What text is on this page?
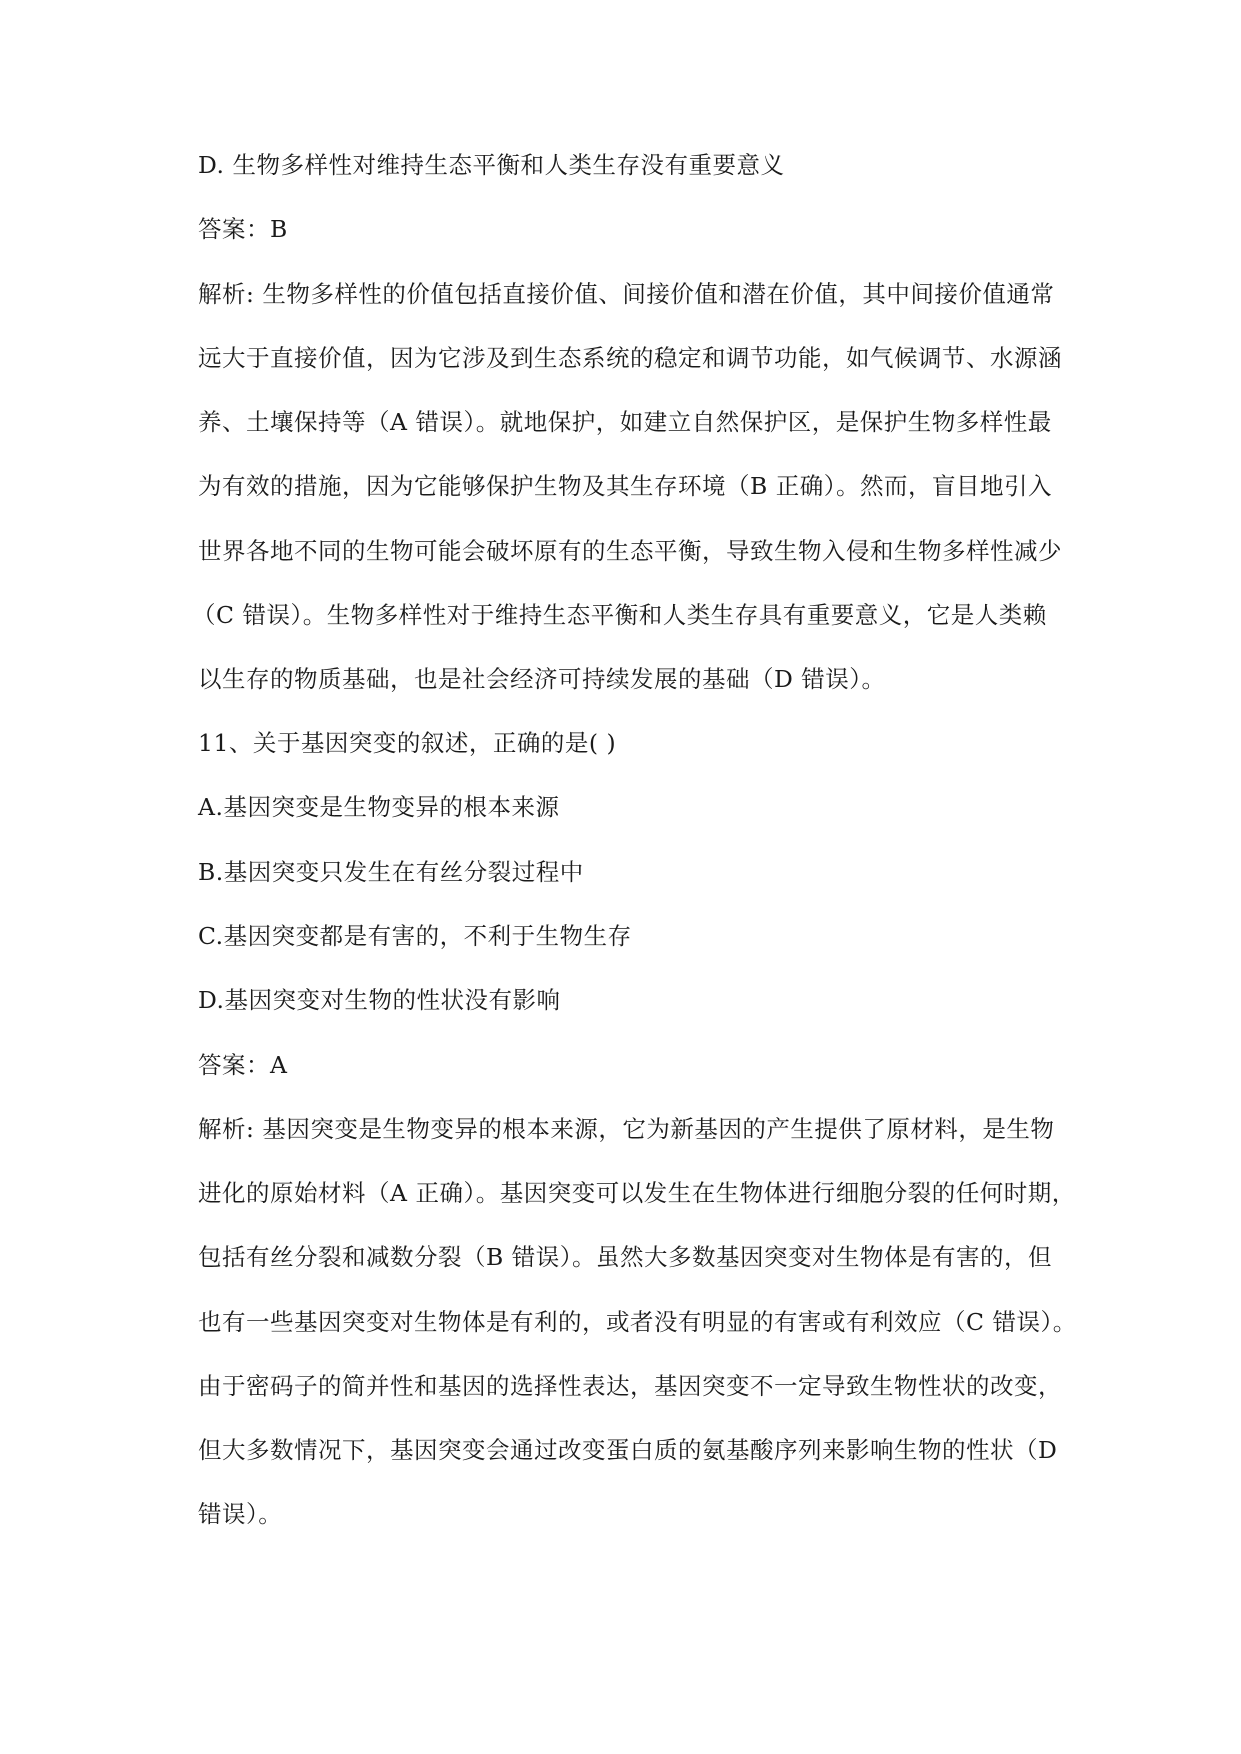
D. 生物多样性对维持生态平衡和人类生存没有重要意义
答案：B
解析: 生物多样性的价值包括直接价值、间接价值和潜在价值，其中间接价值通常
远大于直接价值，因为它涉及到生态系统的稳定和调节功能，如气候调节、水源涵
养、土壤保持等（A 错误）。就地保护，如建立自然保护区，是保护生物多样性最
为有效的措施，因为它能够保护生物及其生存环境（B 正确）。然而，盲目地引入
世界各地不同的生物可能会破坏原有的生态平衡，导致生物入侵和生物多样性减少
（C 错误）。生物多样性对于维持生态平衡和人类生存具有重要意义，它是人类赖
以生存的物质基础，也是社会经济可持续发展的基础（D 错误）。
11、关于基因突变的叙述，正确的是( )
A.基因突变是生物变异的根本来源
B.基因突变只发生在有丝分裂过程中
C.基因突变都是有害的，不利于生物生存
D.基因突变对生物的性状没有影响
答案：A
解析: 基因突变是生物变异的根本来源，它为新基因的产生提供了原材料，是生物
进化的原始材料（A 正确）。基因突变可以发生在生物体进行细胞分裂的任何时期，
包括有丝分裂和减数分裂（B 错误）。虽然大多数基因突变对生物体是有害的，但
也有一些基因突变对生物体是有利的，或者没有明显的有害或有利效应（C 错误）。
由于密码子的简并性和基因的选择性表达，基因突变不一定导致生物性状的改变，
但大多数情况下，基因突变会通过改变蛋白质的氨基酸序列来影响生物的性状（D
错误）。
